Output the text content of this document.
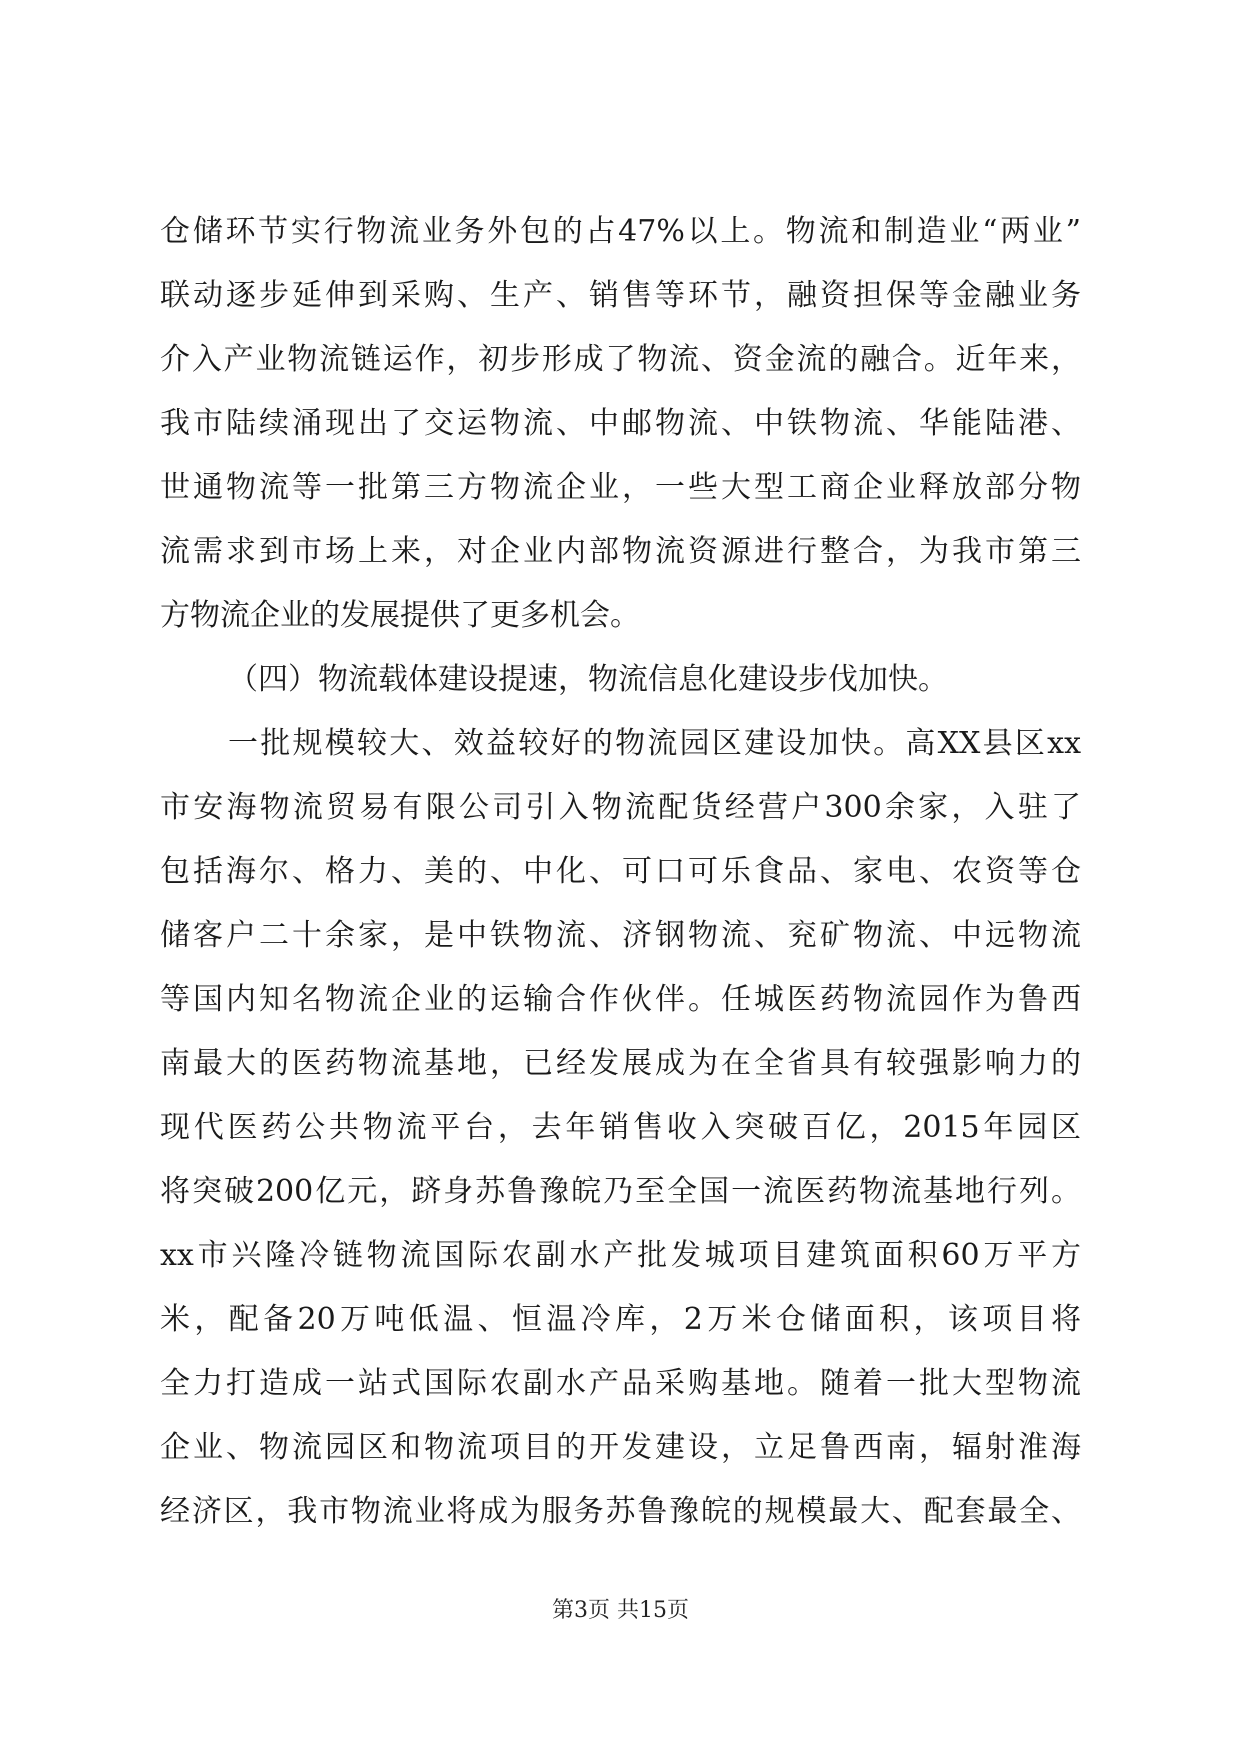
仓储环节实行物流业务外包的占47%以上。物流和制造业“两业”
联动逐步延伸到采购、生产、销售等环节，融资担保等金融业务
介入产业物流链运作，初步形成了物流、资金流的融合。近年来，
我市陆续涌现出了交运物流、中邮物流、中铁物流、华能陆港、
世通物流等一批第三方物流企业，一些大型工商企业释放部分物
流需求到市场上来，对企业内部物流资源进行整合，为我市第三
方物流企业的发展提供了更多机会。
（四）物流载体建设提速，物流信息化建设步伐加快。
一批规模较大、效益较好的物流园区建设加快。高XX县区xx
市安海物流贸易有限公司引入物流配货经营户300余家，入驻了
包括海尔、格力、美的、中化、可口可乐食品、家电、农资等仓
储客户二十余家，是中铁物流、济钢物流、兖矿物流、中远物流
等国内知名物流企业的运输合作伙伴。任城医药物流园作为鲁西
南最大的医药物流基地，已经发展成为在全省具有较强影响力的
现代医药公共物流平台，去年销售收入突破百亿，2015年园区
将突破200亿元，跻身苏鲁豫皖乃至全国一流医药物流基地行列。
xx市兴隆冷链物流国际农副水产批发城项目建筑面积60万平方
米，配备20万吨低温、恒温冷库，2万米仓储面积，该项目将
全力打造成一站式国际农副水产品采购基地。随着一批大型物流
企业、物流园区和物流项目的开发建设，立足鲁西南，辐射淮海
经济区，我市物流业将成为服务苏鲁豫皖的规模最大、配套最全、
第3页 共15页
